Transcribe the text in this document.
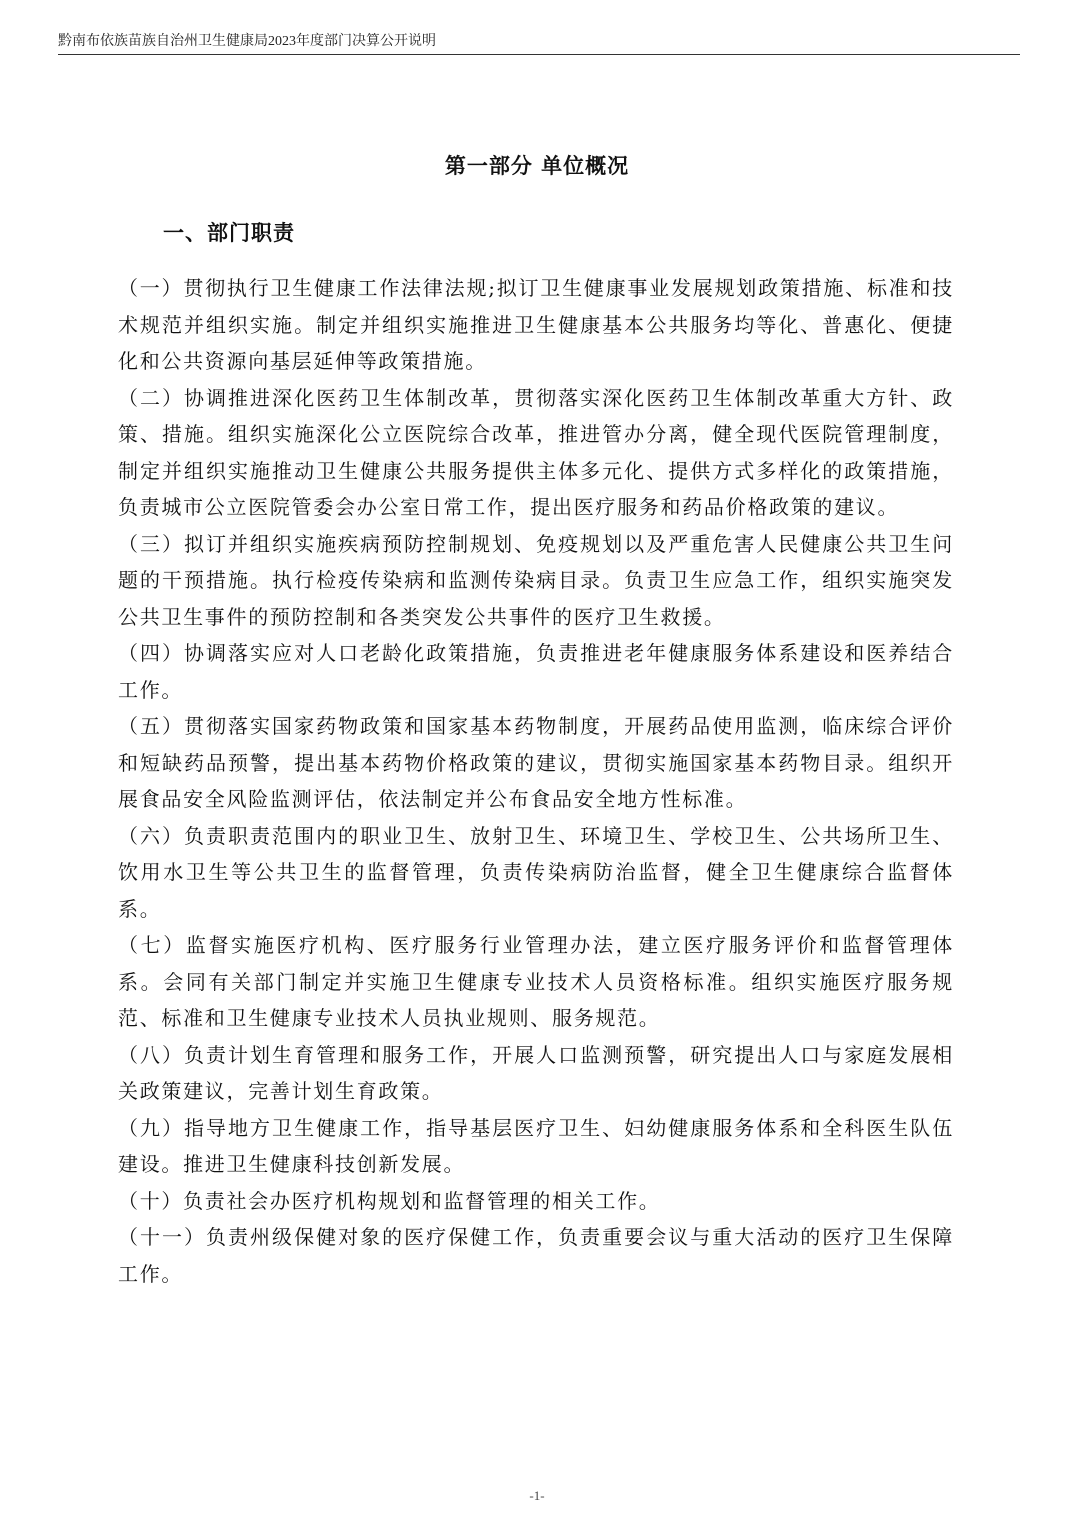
黔南布依族苗族自治州卫生健康局2023年度部门决算公开说明
第一部分 单位概况
一、部门职责

（一）贯彻执行卫生健康工作法律法规;拟订卫生健康事业发展规划政策措施、标准和技术规范并组织实施。制定并组织实施推进卫生健康基本公共服务均等化、普惠化、便捷化和公共资源向基层延伸等政策措施。

（二）协调推进深化医药卫生体制改革，贯彻落实深化医药卫生体制改革重大方针、政策、措施。组织实施深化公立医院综合改革，推进管办分离，健全现代医院管理制度，制定并组织实施推动卫生健康公共服务提供主体多元化、提供方式多样化的政策措施，负责城市公立医院管委会办公室日常工作，提出医疗服务和药品价格政策的建议。

（三）拟订并组织实施疾病预防控制规划、免疫规划以及严重危害人民健康公共卫生问题的干预措施。执行检疫传染病和监测传染病目录。负责卫生应急工作，组织实施突发公共卫生事件的预防控制和各类突发公共事件的医疗卫生救援。

（四）协调落实应对人口老龄化政策措施，负责推进老年健康服务体系建设和医养结合工作。

（五）贯彻落实国家药物政策和国家基本药物制度，开展药品使用监测，临床综合评价和短缺药品预警，提出基本药物价格政策的建议，贯彻实施国家基本药物目录。组织开展食品安全风险监测评估，依法制定并公布食品安全地方性标准。

（六）负责职责范围内的职业卫生、放射卫生、环境卫生、学校卫生、公共场所卫生、饮用水卫生等公共卫生的监督管理，负责传染病防治监督，健全卫生健康综合监督体系。

（七）监督实施医疗机构、医疗服务行业管理办法，建立医疗服务评价和监督管理体系。会同有关部门制定并实施卫生健康专业技术人员资格标准。组织实施医疗服务规范、标准和卫生健康专业技术人员执业规则、服务规范。

（八）负责计划生育管理和服务工作，开展人口监测预警，研究提出人口与家庭发展相关政策建议，完善计划生育政策。

（九）指导地方卫生健康工作，指导基层医疗卫生、妇幼健康服务体系和全科医生队伍建设。推进卫生健康科技创新发展。

（十）负责社会办医疗机构规划和监督管理的相关工作。

（十一）负责州级保健对象的医疗保健工作，负责重要会议与重大活动的医疗卫生保障工作。

-1-
